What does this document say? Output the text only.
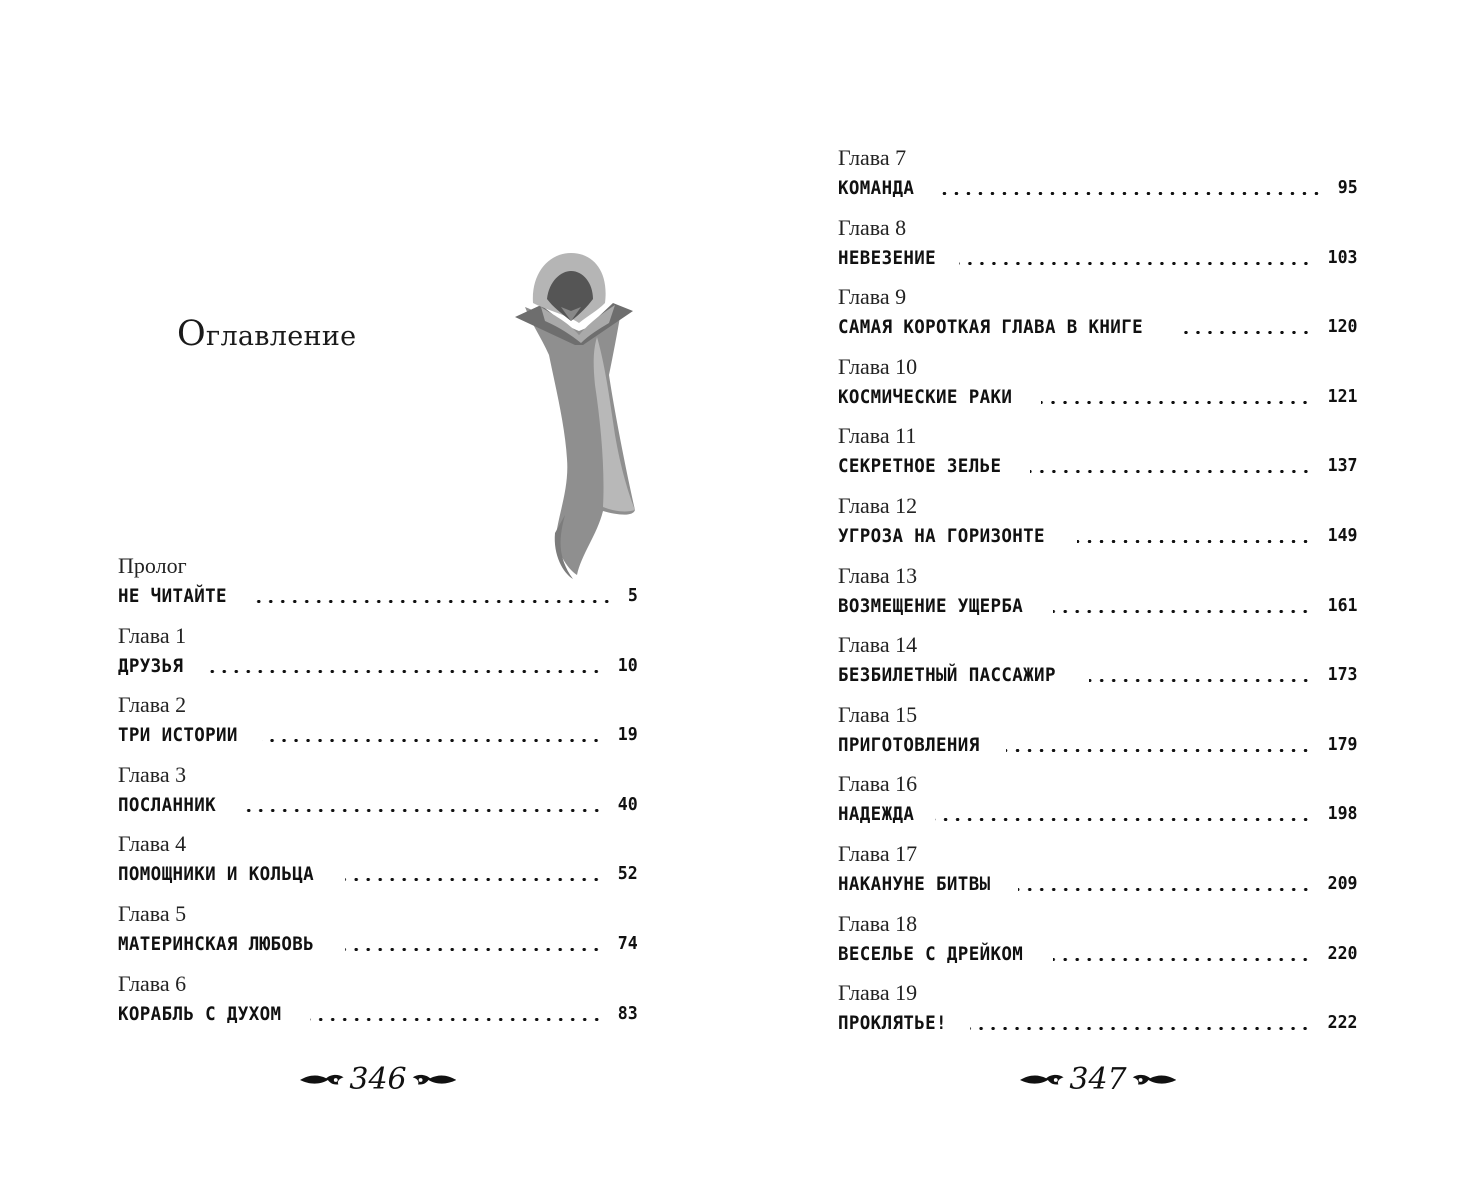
Оглавление
Пролог
НЕ ЧИТАЙТЕ	5
Глава 1
ДРУЗЬЯ	10
Глава 2
ТРИ ИСТОРИИ	19
Глава 3
ПОСЛАННИК	40
Глава 4
ПОМОЩНИКИ И КОЛЬЦА	52
Глава 5
МАТЕРИНСКАЯ ЛЮБОВЬ	74
Глава 6
КОРАБЛЬ С ДУХОМ	83
346
Глава 7
КОМАНДА	95
Глава 8
НЕВЕЗЕНИЕ	103
Глава 9
САМАЯ КОРОТКАЯ ГЛАВА В КНИГЕ	120
Глава 10
КОСМИЧЕСКИЕ РАКИ	121
Глава 11
СЕКРЕТНОЕ ЗЕЛЬЕ	137
Глава 12
УГРОЗА НА ГОРИЗОНТЕ	149
Глава 13
ВОЗМЕЩЕНИЕ УЩЕРБА	161
Глава 14
БЕЗБИЛЕТНЫЙ ПАССАЖИР	173
Глава 15
ПРИГОТОВЛЕНИЯ	179
Глава 16
НАДЕЖДА	198
Глава 17
НАКАНУНЕ БИТВЫ	209
Глава 18
ВЕСЕЛЬЕ С ДРЕЙКОМ	220
Глава 19
ПРОКЛЯТЬЕ!	222
347
